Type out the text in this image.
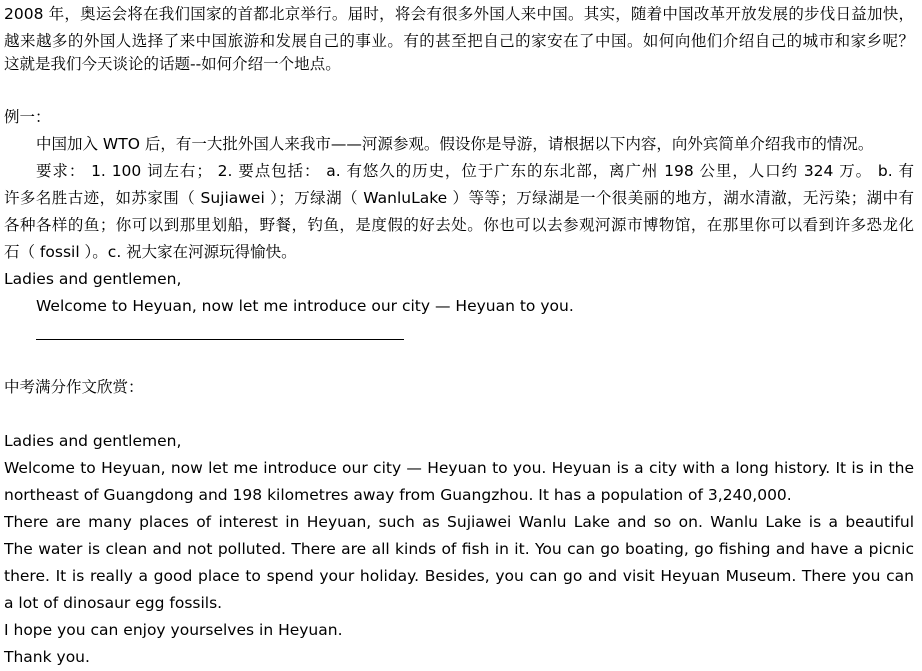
2008 年，奥运会将在我们国家的首都北京举行。届时，将会有很多外国人来中国。其实，随着中国改革开放发展的步伐日益加快，
越来越多的外国人选择了来中国旅游和发展自己的事业。有的甚至把自己的家安在了中国。如何向他们介绍自己的城市和家乡呢？
这就是我们今天谈论的话题--如何介绍一个地点。
例一：
中国加入 WTO 后，有一大批外国人来我市——河源参观。假设你是导游，请根据以下内容，向外宾简单介绍我市的情况。
要求： 1. 100 词左右； 2. 要点包括： a. 有悠久的历史，位于广东的东北部，离广州 198 公里，人口约 324 万。 b. 有
许多名胜古迹，如苏家围（ Sujiawei ）；万绿湖（ WanluLake ）等等；万绿湖是一个很美丽的地方，湖水清澈，无污染；湖中有
各种各样的鱼；你可以到那里划船，野餐，钓鱼，是度假的好去处。你也可以去参观河源市博物馆，在那里你可以看到许多恐龙化
石（ fossil ）。c. 祝大家在河源玩得愉快。
Ladies and gentlemen,
Welcome to Heyuan, now let me introduce our city — Heyuan to you.
中考满分作文欣赏：
Ladies and gentlemen,
Welcome to Heyuan, now let me introduce our city — Heyuan to you. Heyuan is a city with a long history. It is in the
northeast of Guangdong and 198 kilometres away from Guangzhou. It has a population of 3,240,000.
There are many places of interest in Heyuan, such as Sujiawei Wanlu Lake and so on. Wanlu Lake is a beautiful
The water is clean and not polluted. There are all kinds of fish in it. You can go boating, go fishing and have a picnic
there. It is really a good place to spend your holiday. Besides, you can go and visit Heyuan Museum. There you can
a lot of dinosaur egg fossils.
I hope you can enjoy yourselves in Heyuan.
Thank you.
